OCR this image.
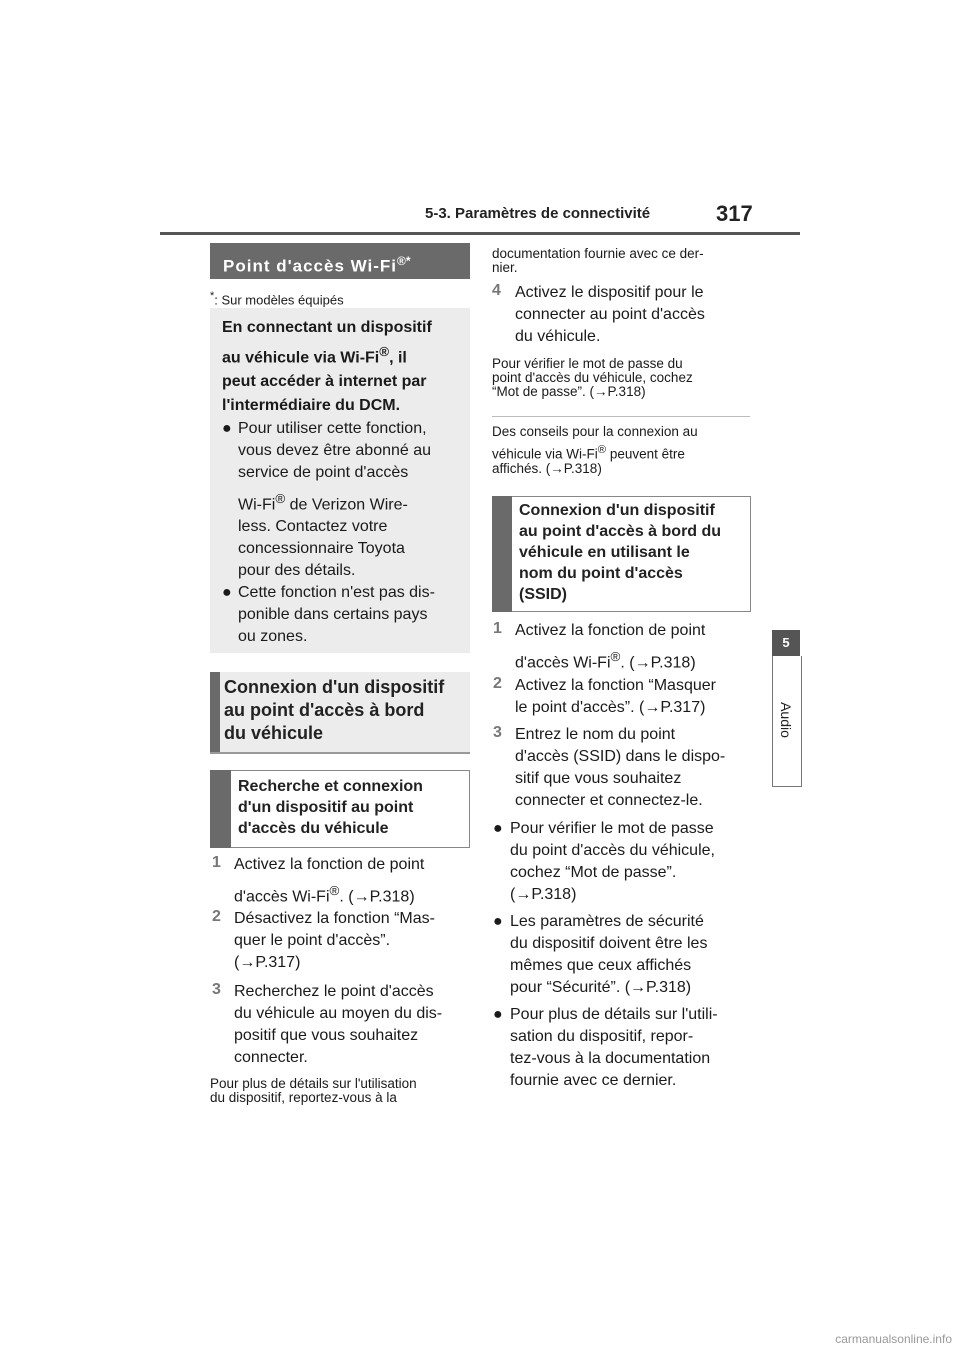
5-3. Paramètres de connectivité	317
5
Audio
Point d'accès Wi-Fi®*
*: Sur modèles équipés
En connectant un dispositif
au véhicule via Wi-Fi®, il
peut accéder à internet par
l'intermédiaire du DCM.
● Pour utiliser cette fonction,
vous devez être abonné au
service de point d'accès
Wi-Fi® de Verizon Wire-
less. Contactez votre
concessionnaire Toyota
pour des détails.
● Cette fonction n'est pas dis-
ponible dans certains pays
ou zones.
Connexion d'un dispositif
au point d'accès à bord
du véhicule
Recherche et connexion
d'un dispositif au point
d'accès du véhicule
1 Activez la fonction de point
d'accès Wi-Fi®. (→P.318)
2 Désactivez la fonction “Mas-
quer le point d'accès”.
(→P.317)
3 Recherchez le point d'accès
du véhicule au moyen du dis-
positif que vous souhaitez
connecter.
Pour plus de détails sur l'utilisation
du dispositif, reportez-vous à la
documentation fournie avec ce der-
nier.
4 Activez le dispositif pour le
connecter au point d'accès
du véhicule.
Pour vérifier le mot de passe du
point d'accès du véhicule, cochez
“Mot de passe”. (→P.318)
Des conseils pour la connexion au
véhicule via Wi-Fi® peuvent être
affichés. (→P.318)
Connexion d'un dispositif
au point d'accès à bord du
véhicule en utilisant le
nom du point d'accès
(SSID)
1 Activez la fonction de point
d'accès Wi-Fi®. (→P.318)
2 Activez la fonction “Masquer
le point d'accès”. (→P.317)
3 Entrez le nom du point
d'accès (SSID) dans le dispo-
sitif que vous souhaitez
connecter et connectez-le.
● Pour vérifier le mot de passe
du point d'accès du véhicule,
cochez “Mot de passe”.
(→P.318)
● Les paramètres de sécurité
du dispositif doivent être les
mêmes que ceux affichés
pour “Sécurité”. (→P.318)
● Pour plus de détails sur l'utili-
sation du dispositif, repor-
tez-vous à la documentation
fournie avec ce dernier.
carmanualsonline.info
